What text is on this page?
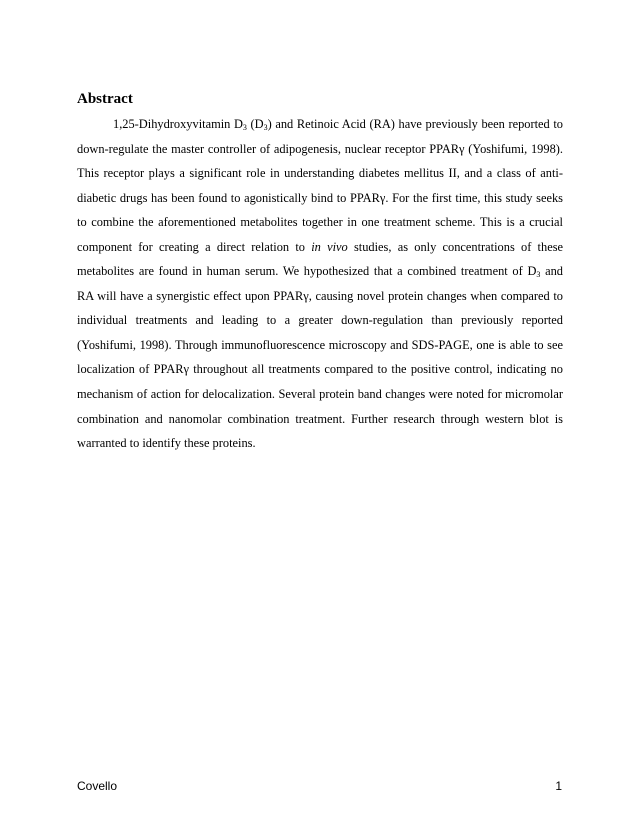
Abstract
1,25-Dihydroxyvitamin $D_3$ $(D_3)$ and Retinoic Acid (RA) have previously been reported to
down-regulate the master controller of adipogenesis, nuclear receptor PPARγ (Yoshifumi, 1998).
This receptor plays a significant role in understanding diabetes mellitus II, and a class of anti-
diabetic drugs has been found to agonistically bind to PPARγ. For the first time, this study seeks
to combine the aforementioned metabolites together in one treatment scheme. This is a crucial
component for creating a direct relation to in vivo studies, as only concentrations of these
metabolites are found in human serum. We hypothesized that a combined treatment of $D_3$ and
RA will have a synergistic effect upon PPARγ, causing novel protein changes when compared to
individual treatments and leading to a greater down-regulation than previously reported
(Yoshifumi, 1998). Through immunofluorescence microscopy and SDS-PAGE, one is able to see
localization of PPARγ throughout all treatments compared to the positive control, indicating no
mechanism of action for delocalization. Several protein band changes were noted for micromolar
combination and nanomolar combination treatment. Further research through western blot is
warranted to identify these proteins.
Covello	1
